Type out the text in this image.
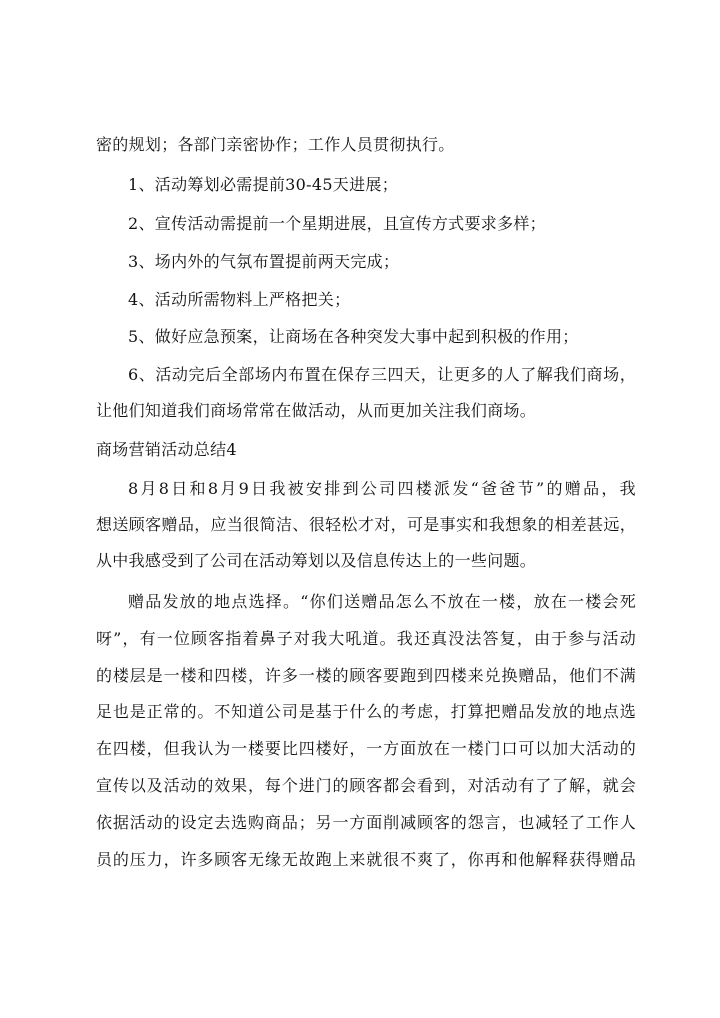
密的规划；各部门亲密协作；工作人员贯彻执行。
1、活动筹划必需提前30-45天进展；
2、宣传活动需提前一个星期进展，且宣传方式要求多样；
3、场内外的气氛布置提前两天完成；
4、活动所需物料上严格把关；
5、做好应急预案，让商场在各种突发大事中起到积极的作用；
6、活动完后全部场内布置在保存三四天，让更多的人了解我们商场，
让他们知道我们商场常常在做活动，从而更加关注我们商场。
商场营销活动总结4
8月8日和8月9日我被安排到公司四楼派发“爸爸节”的赠品，我
想送顾客赠品，应当很简洁、很轻松才对，可是事实和我想象的相差甚远，
从中我感受到了公司在活动筹划以及信息传达上的一些问题。
赠品发放的地点选择。“你们送赠品怎么不放在一楼，放在一楼会死
呀”，有一位顾客指着鼻子对我大吼道。我还真没法答复，由于参与活动
的楼层是一楼和四楼，许多一楼的顾客要跑到四楼来兑换赠品，他们不满
足也是正常的。不知道公司是基于什么的考虑，打算把赠品发放的地点选
在四楼，但我认为一楼要比四楼好，一方面放在一楼门口可以加大活动的
宣传以及活动的效果，每个进门的顾客都会看到，对活动有了了解，就会
依据活动的设定去选购商品；另一方面削减顾客的怨言，也减轻了工作人
员的压力，许多顾客无缘无故跑上来就很不爽了，你再和他解释获得赠品
